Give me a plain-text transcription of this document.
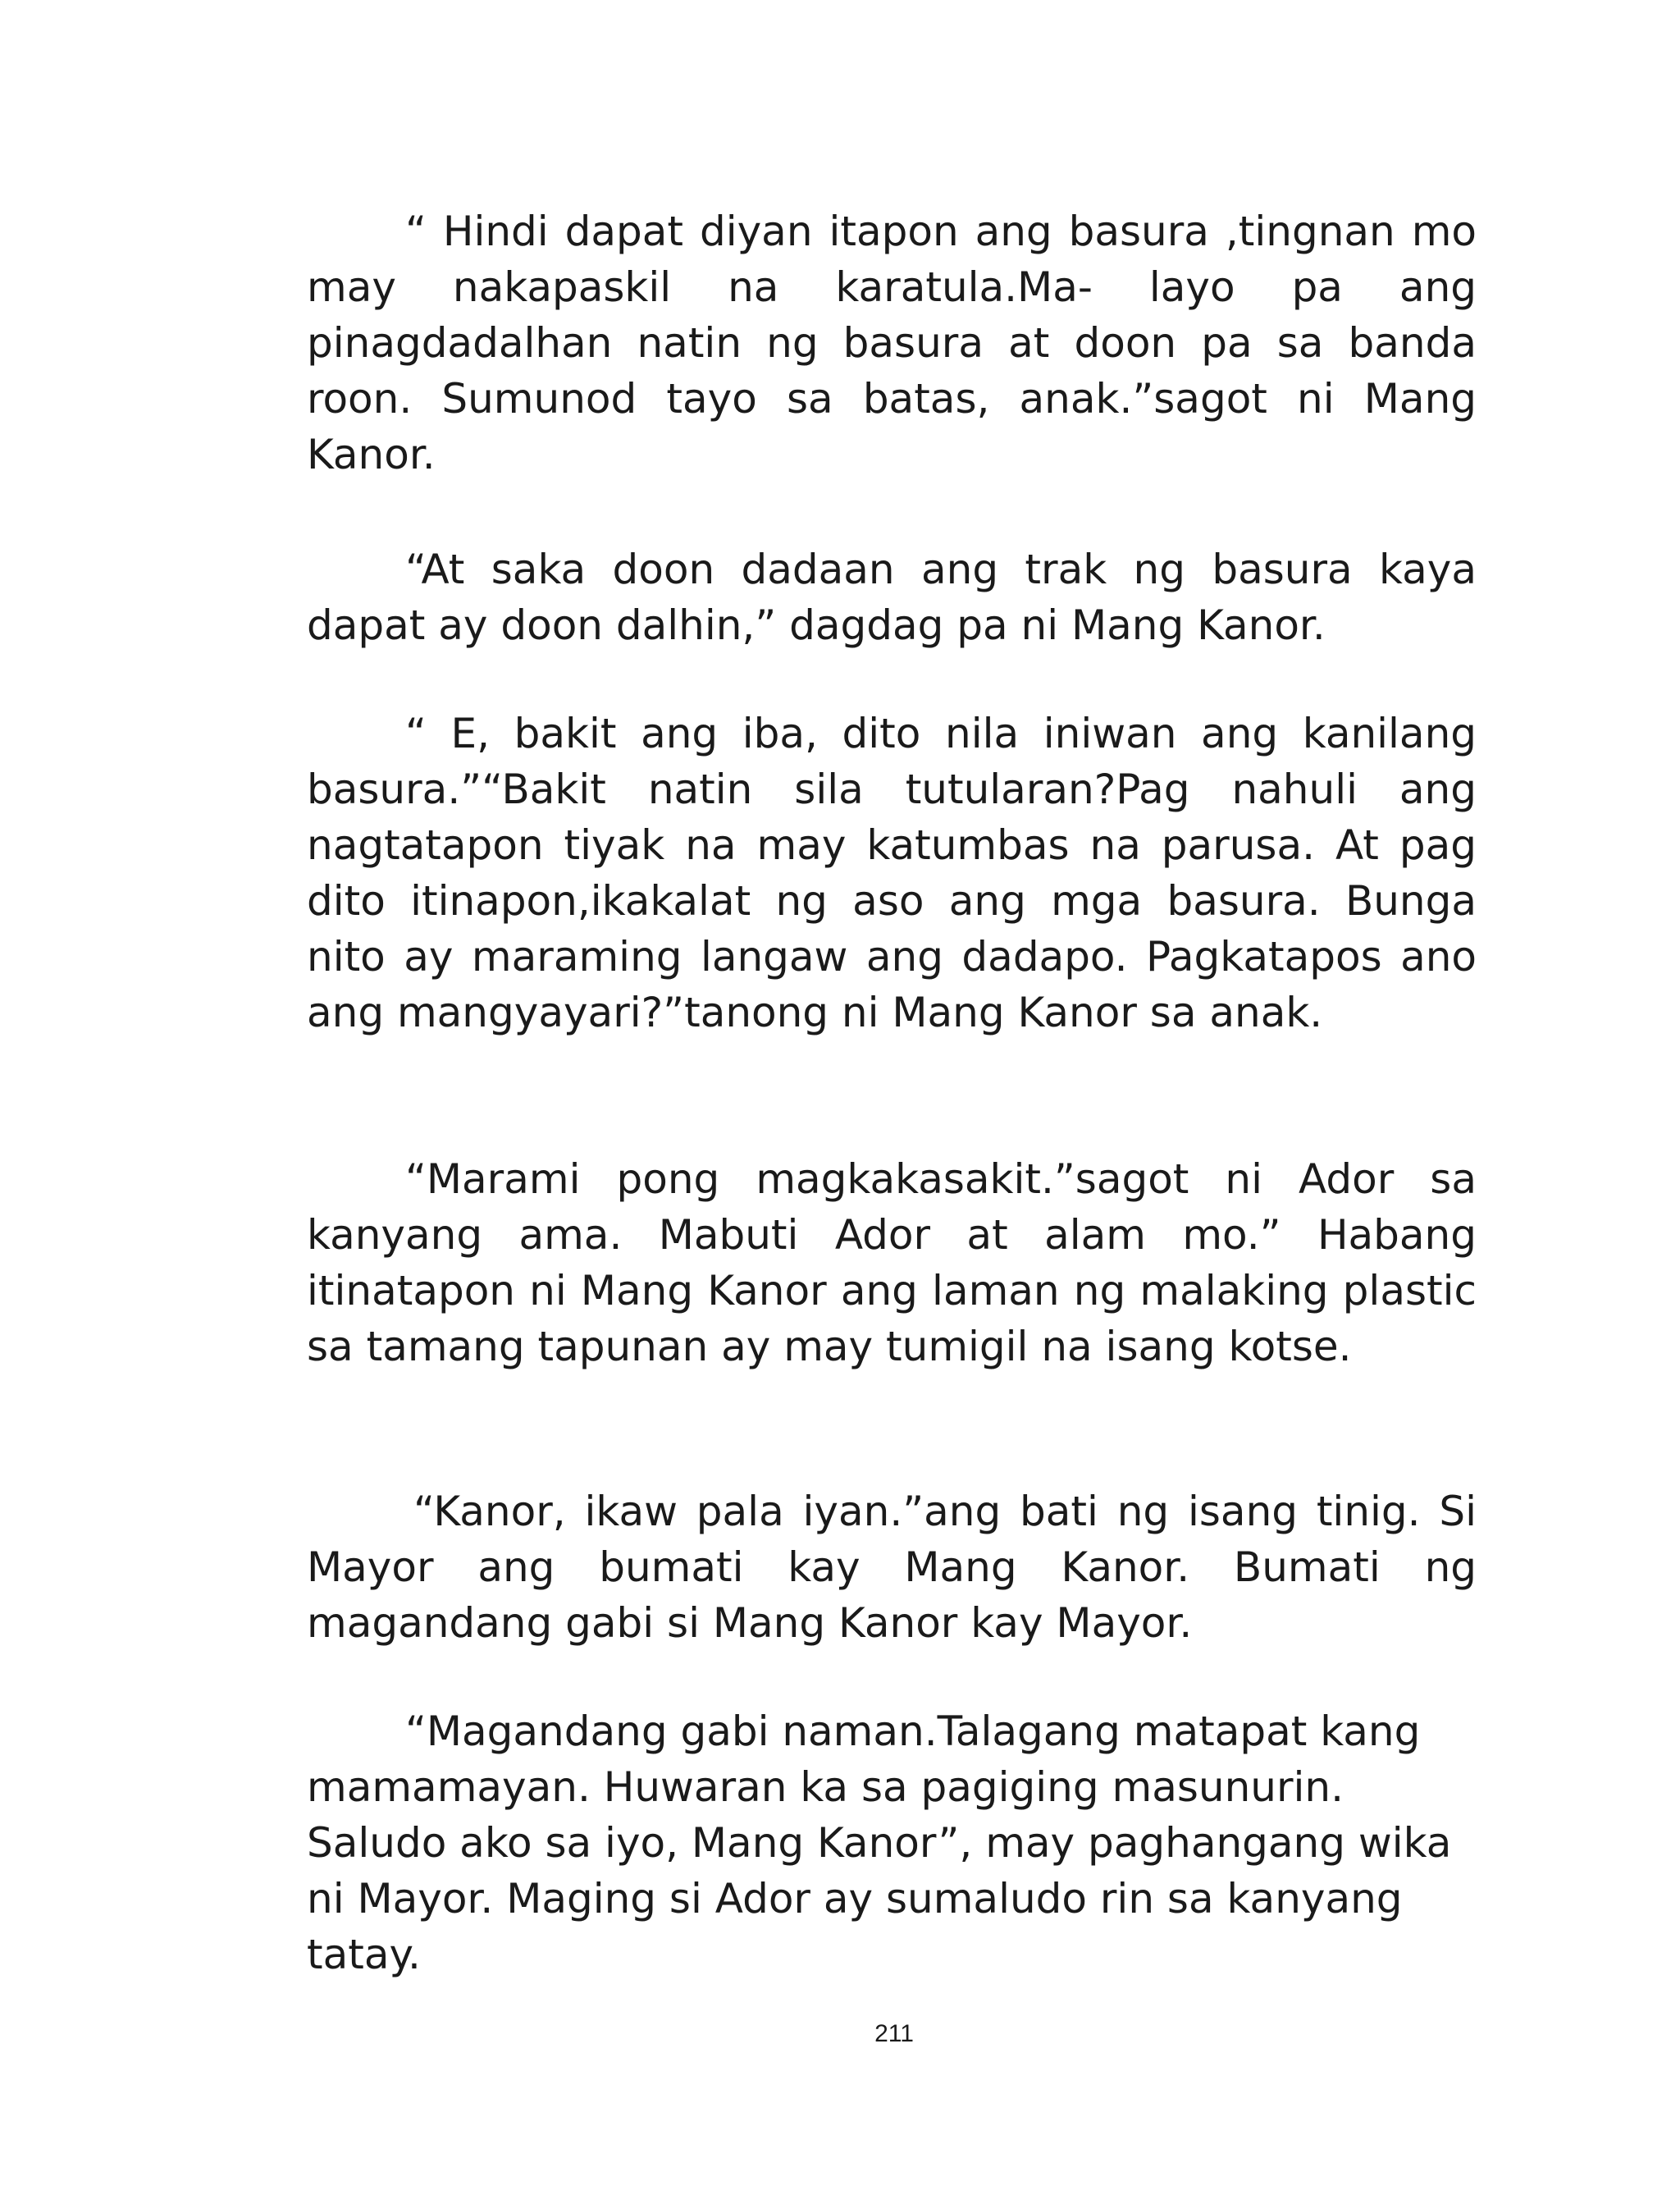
“ Hindi dapat diyan itapon ang basura ,tingnan mo may nakapaskil na karatula.Ma- layo pa ang pinagdadalhan natin ng basura at doon pa sa banda roon. Sumunod tayo sa batas, anak.”sagot ni Mang Kanor.

“At saka doon dadaan ang trak ng basura kaya dapat ay doon dalhin,” dagdag pa ni Mang Kanor.

“ E, bakit ang iba, dito nila iniwan ang kanilang basura.”“Bakit natin sila tutularan?Pag nahuli ang nagtatapon tiyak na may katumbas na parusa. At pag dito itinapon,ikakalat ng aso ang mga basura. Bunga nito ay maraming langaw ang dadapo. Pagkatapos ano ang mangyayari?”tanong ni Mang Kanor sa anak.

“Marami pong magkakasakit.”sagot ni Ador sa kanyang ama. Mabuti Ador at alam mo.” Habang itinatapon ni Mang Kanor ang laman ng malaking plastic sa tamang tapunan ay may tumigil na isang kotse.

“Kanor, ikaw pala iyan.”ang bati ng isang tinig. Si Mayor ang bumati kay Mang Kanor. Bumati ng magandang gabi si Mang Kanor kay Mayor.

“Magandang gabi naman.Talagang matapat kang mamamayan. Huwaran ka sa pagiging masunurin. Saludo ako sa iyo, Mang Kanor”, may paghangang wika ni Mayor. Maging si Ador ay sumaludo rin sa kanyang tatay.

211
